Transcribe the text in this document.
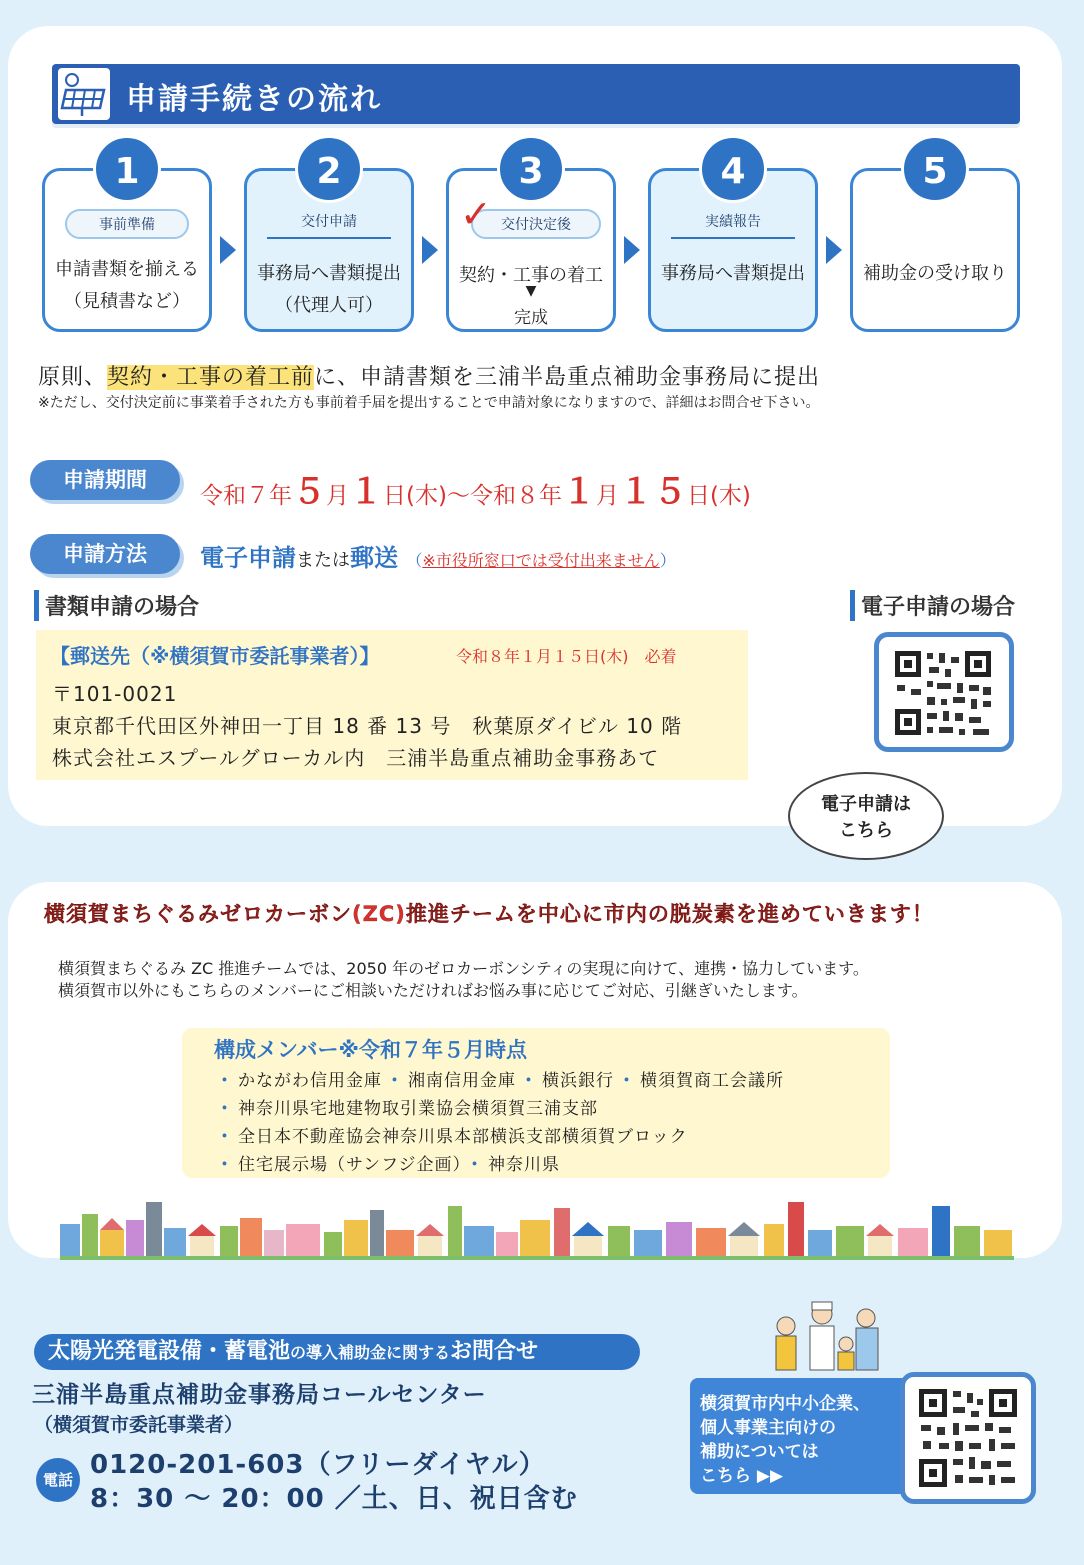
申請手続きの流れ
1
事前準備
申請書類を揃える
（見積書など）
2
交付申請
事務局へ書類提出
（代理人可）
3
交付決定後
契約・工事の着工
▼
完成
✓
4
実績報告
事務局へ書類提出
5
補助金の受け取り
原則、契約・工事の着工前に、申請書類を三浦半島重点補助金事務局に提出
※ただし、交付決定前に事業着手された方も事前着手届を提出することで申請対象になりますので、詳細はお問合せ下さい。
申請期間
令和７年５月１日(木)〜令和８年１月１５日(木)
申請方法	電子申請または郵送 （※市役所窓口では受付出来ません）
書類申請の場合
【郵送先（※横須賀市委託事業者）】	令和８年１月１５日(木)　必着
〒101-0021
東京都千代田区外神田一丁目 18 番 13 号　秋葉原ダイビル 10 階
株式会社エスプールグローカル内　三浦半島重点補助金事務あて
電子申請の場合
電子申請は
こちら
横須賀まちぐるみゼロカーボン(ZC)推進チームを中心に市内の脱炭素を進めていきます！
横須賀まちぐるみ ZC 推進チームでは、2050 年のゼロカーボンシティの実現に向けて、連携・協力しています。
横須賀市以外にもこちらのメンバーにご相談いただければお悩み事に応じてご対応、引継ぎいたします。
構成メンバー※令和７年５月時点
・ かながわ信用金庫 ・ 湘南信用金庫 ・ 横浜銀行 ・ 横須賀商工会議所
・ 神奈川県宅地建物取引業協会横須賀三浦支部
・ 全日本不動産協会神奈川県本部横浜支部横須賀ブロック
・ 住宅展示場（サンフジ企画） ・ 神奈川県
太陽光発電設備・蓄電池の導入補助金に関するお問合せ
三浦半島重点補助金事務局コールセンター
（横須賀市委託事業者）
電話 0120-201-603（フリーダイヤル）
8：30 〜 20：00 ／土、日、祝日含む
横須賀市内中小企業、
個人事業主向けの
補助については
こちら ▶▶
